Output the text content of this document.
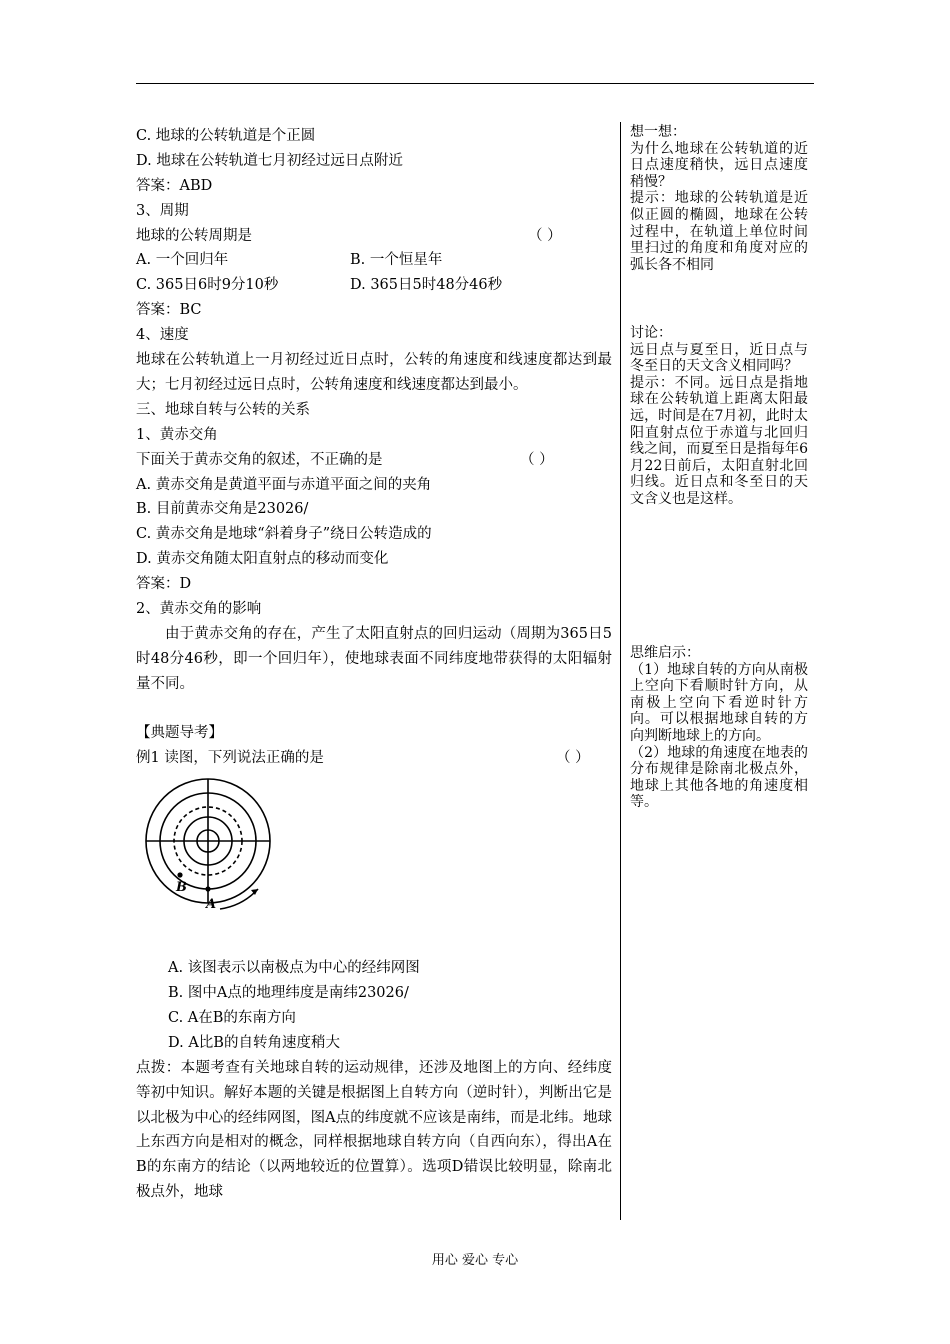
C. 地球的公转轨道是个正圆
D. 地球在公转轨道七月初经过远日点附近
答案：ABD
3、周期
地球的公转周期是	（ ）
A. 一个回归年	B. 一个恒星年
C. 365日6时9分10秒	D. 365日5时48分46秒
答案：BC
4、速度
地球在公转轨道上一月初经过近日点时，公转的角速度和线速度都达到最大；七月初经过远日点时，公转角速度和线速度都达到最小。
三、地球自转与公转的关系
1、黄赤交角
下面关于黄赤交角的叙述，不正确的是	（ ）
A. 黄赤交角是黄道平面与赤道平面之间的夹角
B. 目前黄赤交角是23026/
C. 黄赤交角是地球“斜着身子”绕日公转造成的
D. 黄赤交角随太阳直射点的移动而变化
答案：D
2、黄赤交角的影响
由于黄赤交角的存在，产生了太阳直射点的回归运动（周期为365日5时48分46秒，即一个回归年），使地球表面不同纬度地带获得的太阳辐射量不同。
【典题导考】
例1 读图，下列说法正确的是	（ ）
A
B
A. 该图表示以南极点为中心的经纬网图
B. 图中A点的地理纬度是南纬23026/
C. A在B的东南方向
D. A比B的自转角速度稍大
点拨：本题考查有关地球自转的运动规律，还涉及地图上的方向、经纬度等初中知识。解好本题的关键是根据图上自转方向（逆时针），判断出它是以北极为中心的经纬网图，图A点的纬度就不应该是南纬，而是北纬。地球上东西方向是相对的概念，同样根据地球自转方向（自西向东），得出A在B的东南方的结论（以两地较近的位置算）。选项D错误比较明显，除南北极点外，地球

想一想：

为什么地球在公转轨道的近日点速度稍快，远日点速度稍慢？

提示：地球的公转轨道是近似正圆的椭圆，地球在公转过程中，在轨道上单位时间里扫过的角度和角度对应的弧长各不相同

讨论：

远日点与夏至日，近日点与冬至日的天文含义相同吗？

提示：不同。远日点是指地球在公转轨道上距离太阳最远，时间是在7月初，此时太阳直射点位于赤道与北回归线之间，而夏至日是指每年6月22日前后，太阳直射北回归线。近日点和冬至日的天文含义也是这样。

思维启示：

（1）地球自转的方向从南极上空向下看顺时针方向，从南极上空向下看逆时针方向。可以根据地球自转的方向判断地球上的方向。

（2）地球的角速度在地表的分布规律是除南北极点外，地球上其他各地的角速度相等。

用心 爱心 专心
